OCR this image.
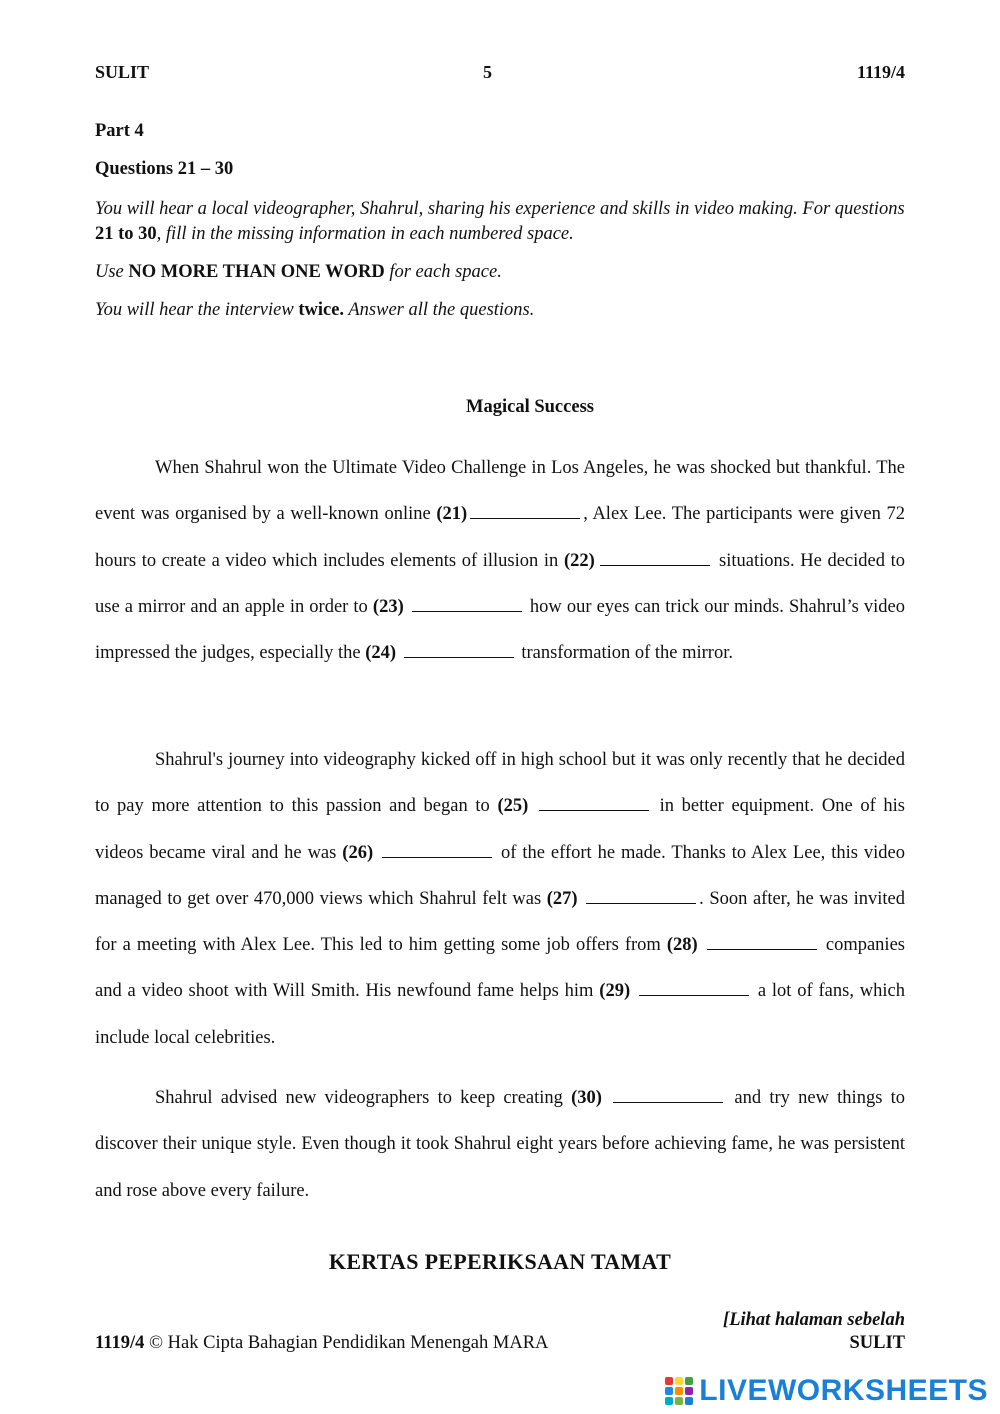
SULIT	5	1119/4
Part 4
Questions 21 – 30
You will hear a local videographer, Shahrul, sharing his experience and skills in video making. For questions 21 to 30, fill in the missing information in each numbered space.
Use NO MORE THAN ONE WORD for each space.
You will hear the interview twice. Answer all the questions.
Magical Success
When Shahrul won the Ultimate Video Challenge in Los Angeles, he was shocked but thankful. The event was organised by a well-known online (21)	, Alex Lee. The participants were given 72 hours to create a video which includes elements of illusion in (22)	situations. He decided to use a mirror and an apple in order to (23)	how our eyes can trick our minds. Shahrul’s video impressed the judges, especially the (24)	transformation of the mirror.
Shahrul's journey into videography kicked off in high school but it was only recently that he decided to pay more attention to this passion and began to (25)	in better equipment. One of his videos became viral and he was (26)	of the effort he made. Thanks to Alex Lee, this video managed to get over 470,000 views which Shahrul felt was (27)	. Soon after, he was invited for a meeting with Alex Lee. This led to him getting some job offers from (28)	companies and a video shoot with Will Smith. His newfound fame helps him (29)	a lot of fans, which include local celebrities.
Shahrul advised new videographers to keep creating (30)	and try new things to discover their unique style. Even though it took Shahrul eight years before achieving fame, he was persistent and rose above every failure.
KERTAS PEPERIKSAAN TAMAT
[Lihat halaman sebelah
1119/4 © Hak Cipta Bahagian Pendidikan Menengah MARA	SULIT
LIVEWORKSHEETS
